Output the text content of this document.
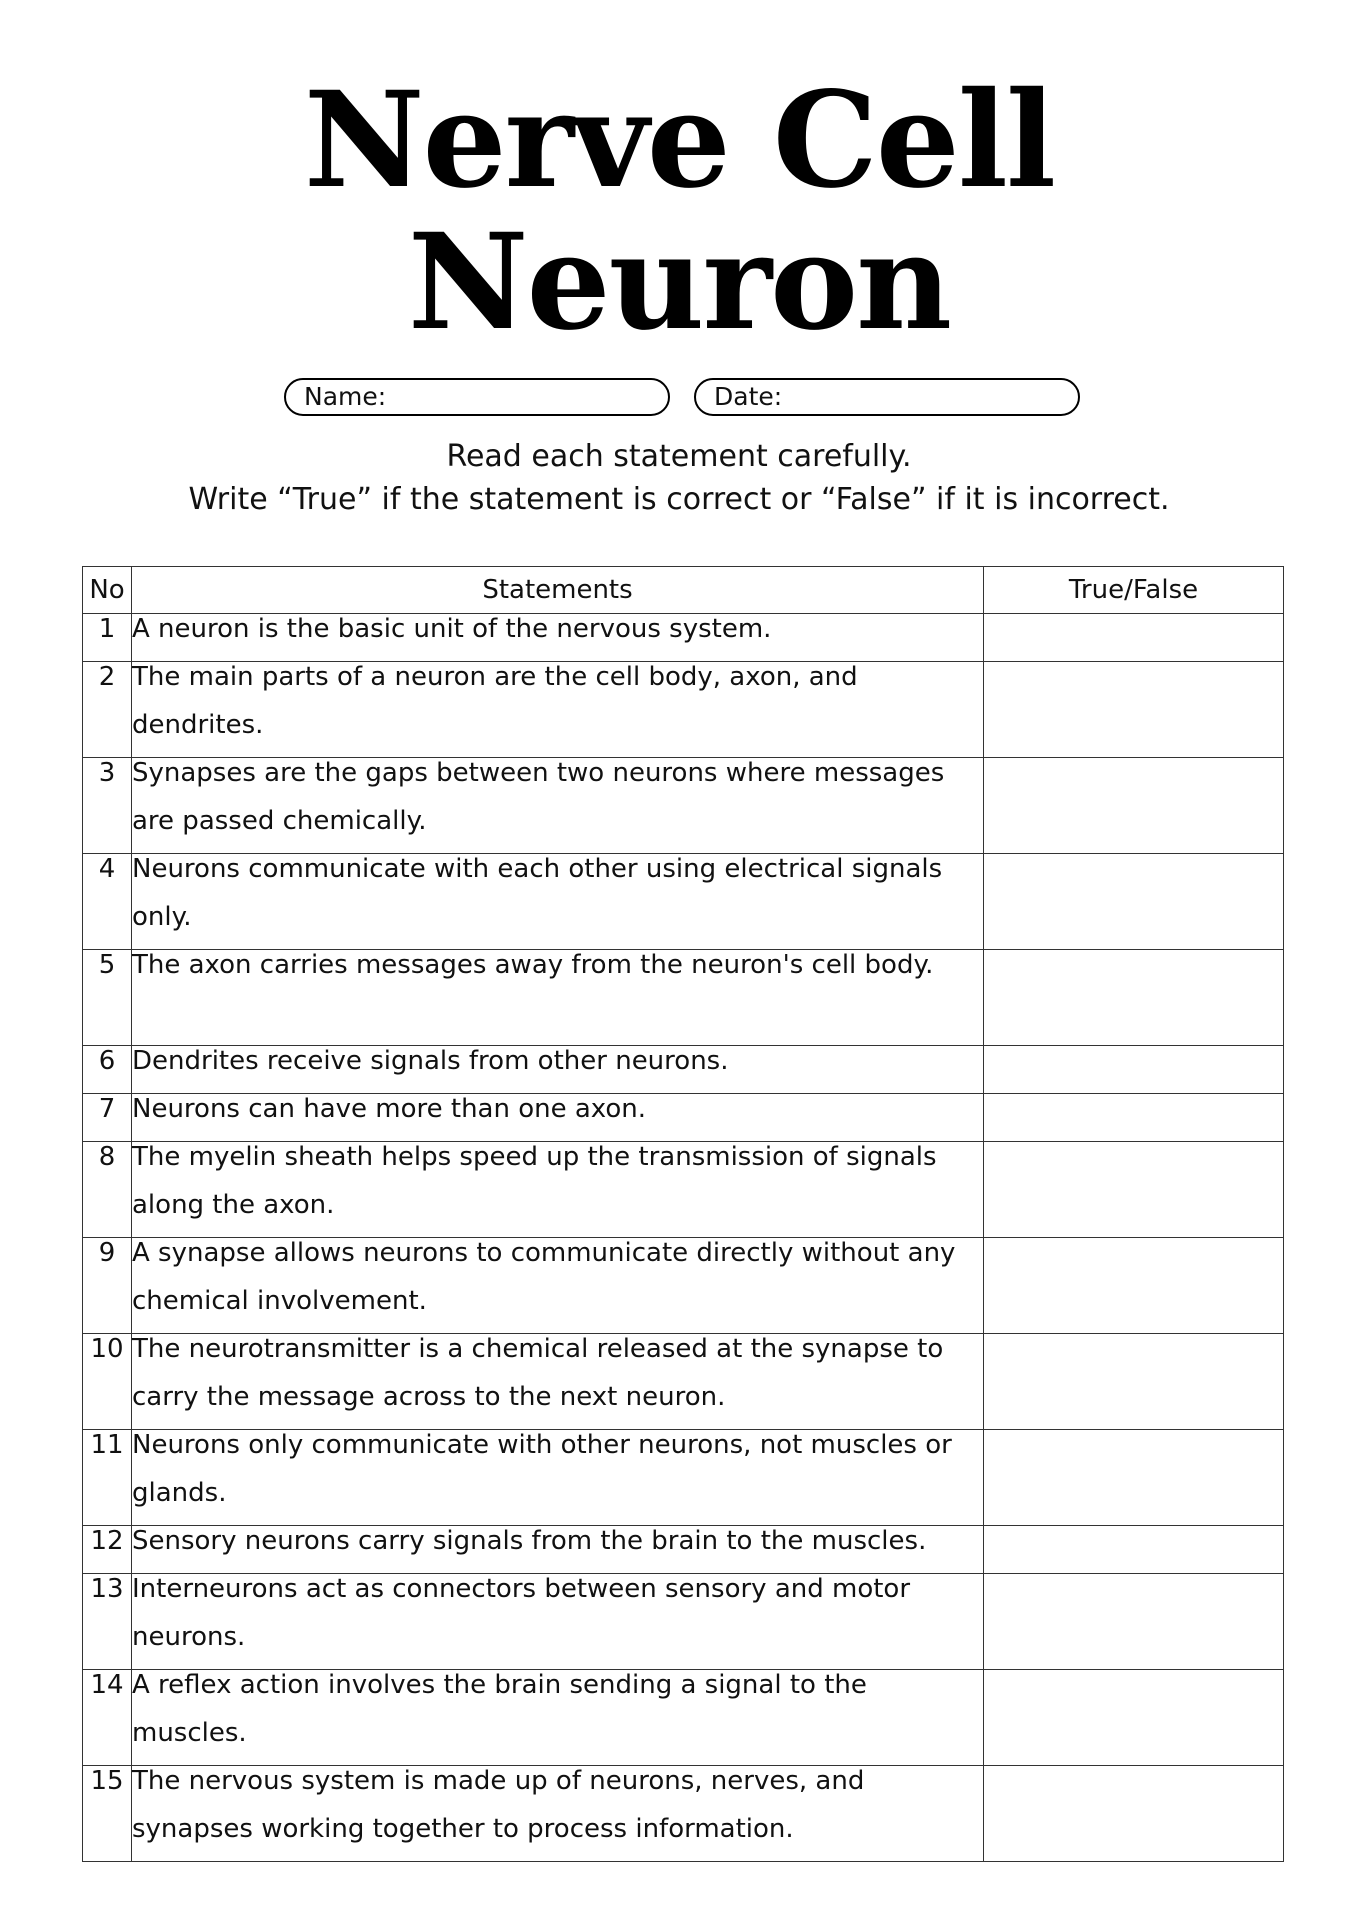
Nerve Cell
Neuron
Name:	Date:

Read each statement carefully.

Write “True” if the statement is correct or “False” if it is incorrect.

No	Statements	True/False
1	A neuron is the basic unit of the nervous system.	

2	The main parts of a neuron are the cell body, axon, and dendrites.	

3	Synapses are the gaps between two neurons where messages are passed chemically.	

4	Neurons communicate with each other using electrical signals only.	

5	The axon carries messages away from the neuron's cell body.	

6	Dendrites receive signals from other neurons.	

7	Neurons can have more than one axon.	

8	The myelin sheath helps speed up the transmission of signals along the axon.	

9	A synapse allows neurons to communicate directly without any chemical involvement.	

10	The neurotransmitter is a chemical released at the synapse to carry the message across to the next neuron.	

11	Neurons only communicate with other neurons, not muscles or glands.	

12	Sensory neurons carry signals from the brain to the muscles.	

13	Interneurons act as connectors between sensory and motor neurons.	

14	A reflex action involves the brain sending a signal to the muscles.	

15	The nervous system is made up of neurons, nerves, and synapses working together to process information.	
